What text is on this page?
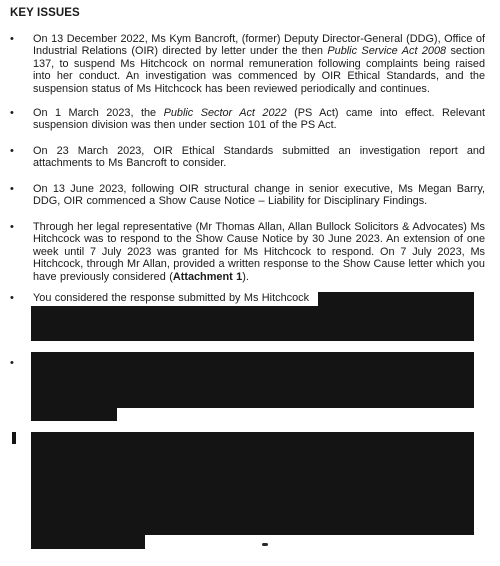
KEY ISSUES
• On 13 December 2022, Ms Kym Bancroft, (former) Deputy Director-General (DDG), Office of Industrial Relations (OIR) directed by letter under the then Public Service Act 2008 section 137, to suspend Ms Hitchcock on normal remuneration following complaints being raised into her conduct. An investigation was commenced by OIR Ethical Standards, and the suspension status of Ms Hitchcock has been reviewed periodically and continues.
• On 1 March 2023, the Public Sector Act 2022 (PS Act) came into effect. Relevant suspension division was then under section 101 of the PS Act.
• On 23 March 2023, OIR Ethical Standards submitted an investigation report and attachments to Ms Bancroft to consider.
• On 13 June 2023, following OIR structural change in senior executive, Ms Megan Barry, DDG, OIR commenced a Show Cause Notice – Liability for Disciplinary Findings.
• Through her legal representative (Mr Thomas Allan, Allan Bullock Solicitors & Advocates) Ms Hitchcock was to respond to the Show Cause Notice by 30 June 2023. An extension of one week until 7 July 2023 was granted for Ms Hitchcock to respond. On 7 July 2023, Ms Hitchcock, through Mr Allan, provided a written response to the Show Cause letter which you have previously considered (Attachment 1).
• You considered the response submitted by Ms Hitchcock
•
